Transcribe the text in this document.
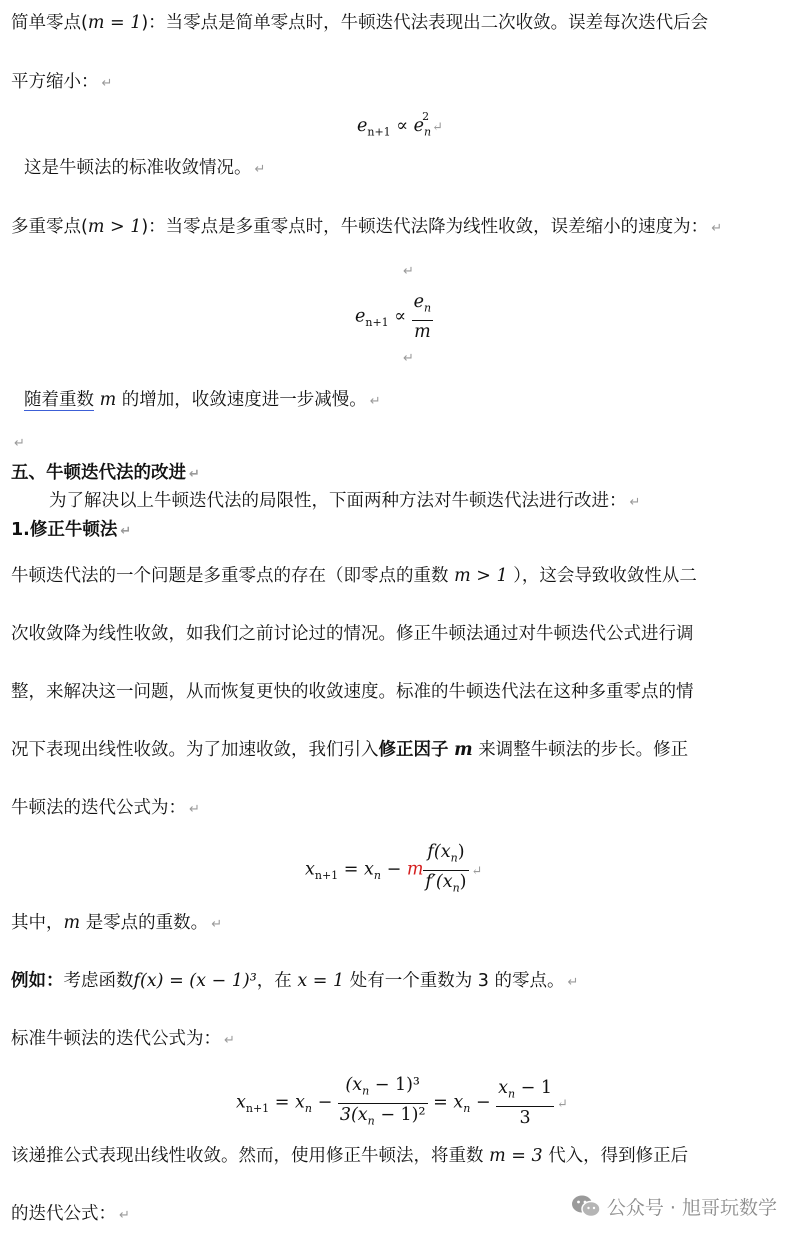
简单零点(m = 1)：当零点是简单零点时，牛顿迭代法表现出二次收敛。误差每次迭代后会
平方缩小： ↵
$e_{n+1}$ ∝ $e_n^2↵$
这是牛顿法的标准收敛情况。 ↵
多重零点(m > 1)：当零点是多重零点时，牛顿迭代法降为线性收敛，误差缩小的速度为： ↵
↵
$e_{n+1} \propto \frac{e_n}{m}$
↵
随着重数 m 的增加，收敛速度进一步减慢。 ↵
↵
五、牛顿迭代法的改进 ↵
为了解决以上牛顿迭代法的局限性，下面两种方法对牛顿迭代法进行改进： ↵
1.修正牛顿法 ↵
牛顿迭代法的一个问题是多重零点的存在（即零点的重数 m > 1 ），这会导致收敛性从二
次收敛降为线性收敛，如我们之前讨论过的情况。修正牛顿法通过对牛顿迭代公式进行调
整，来解决这一问题，从而恢复更快的收敛速度。标准的牛顿迭代法在这种多重零点的情
况下表现出线性收敛。为了加速收敛，我们引入修正因子 m 来调整牛顿法的步长。修正
牛顿法的迭代公式为： ↵
$x_{n+1} = x_n - m \frac{f(x_n)}{f'(x_n)}$ ↵
其中，m 是零点的重数。 ↵
例如：考虑函数f(x) = (x − 1)³，在 x = 1 处有一个重数为 3 的零点。 ↵
标准牛顿法的迭代公式为： ↵
$x_{n+1} = x_n - \frac{(x_n - 1)^3}{3(x_n - 1)^2} = x_n - \frac{x_n - 1}{3}$ ↵
该递推公式表现出线性收敛。然而，使用修正牛顿法，将重数 m = 3 代入，得到修正后
的迭代公式： ↵	公众号 · 旭哥玩数学
